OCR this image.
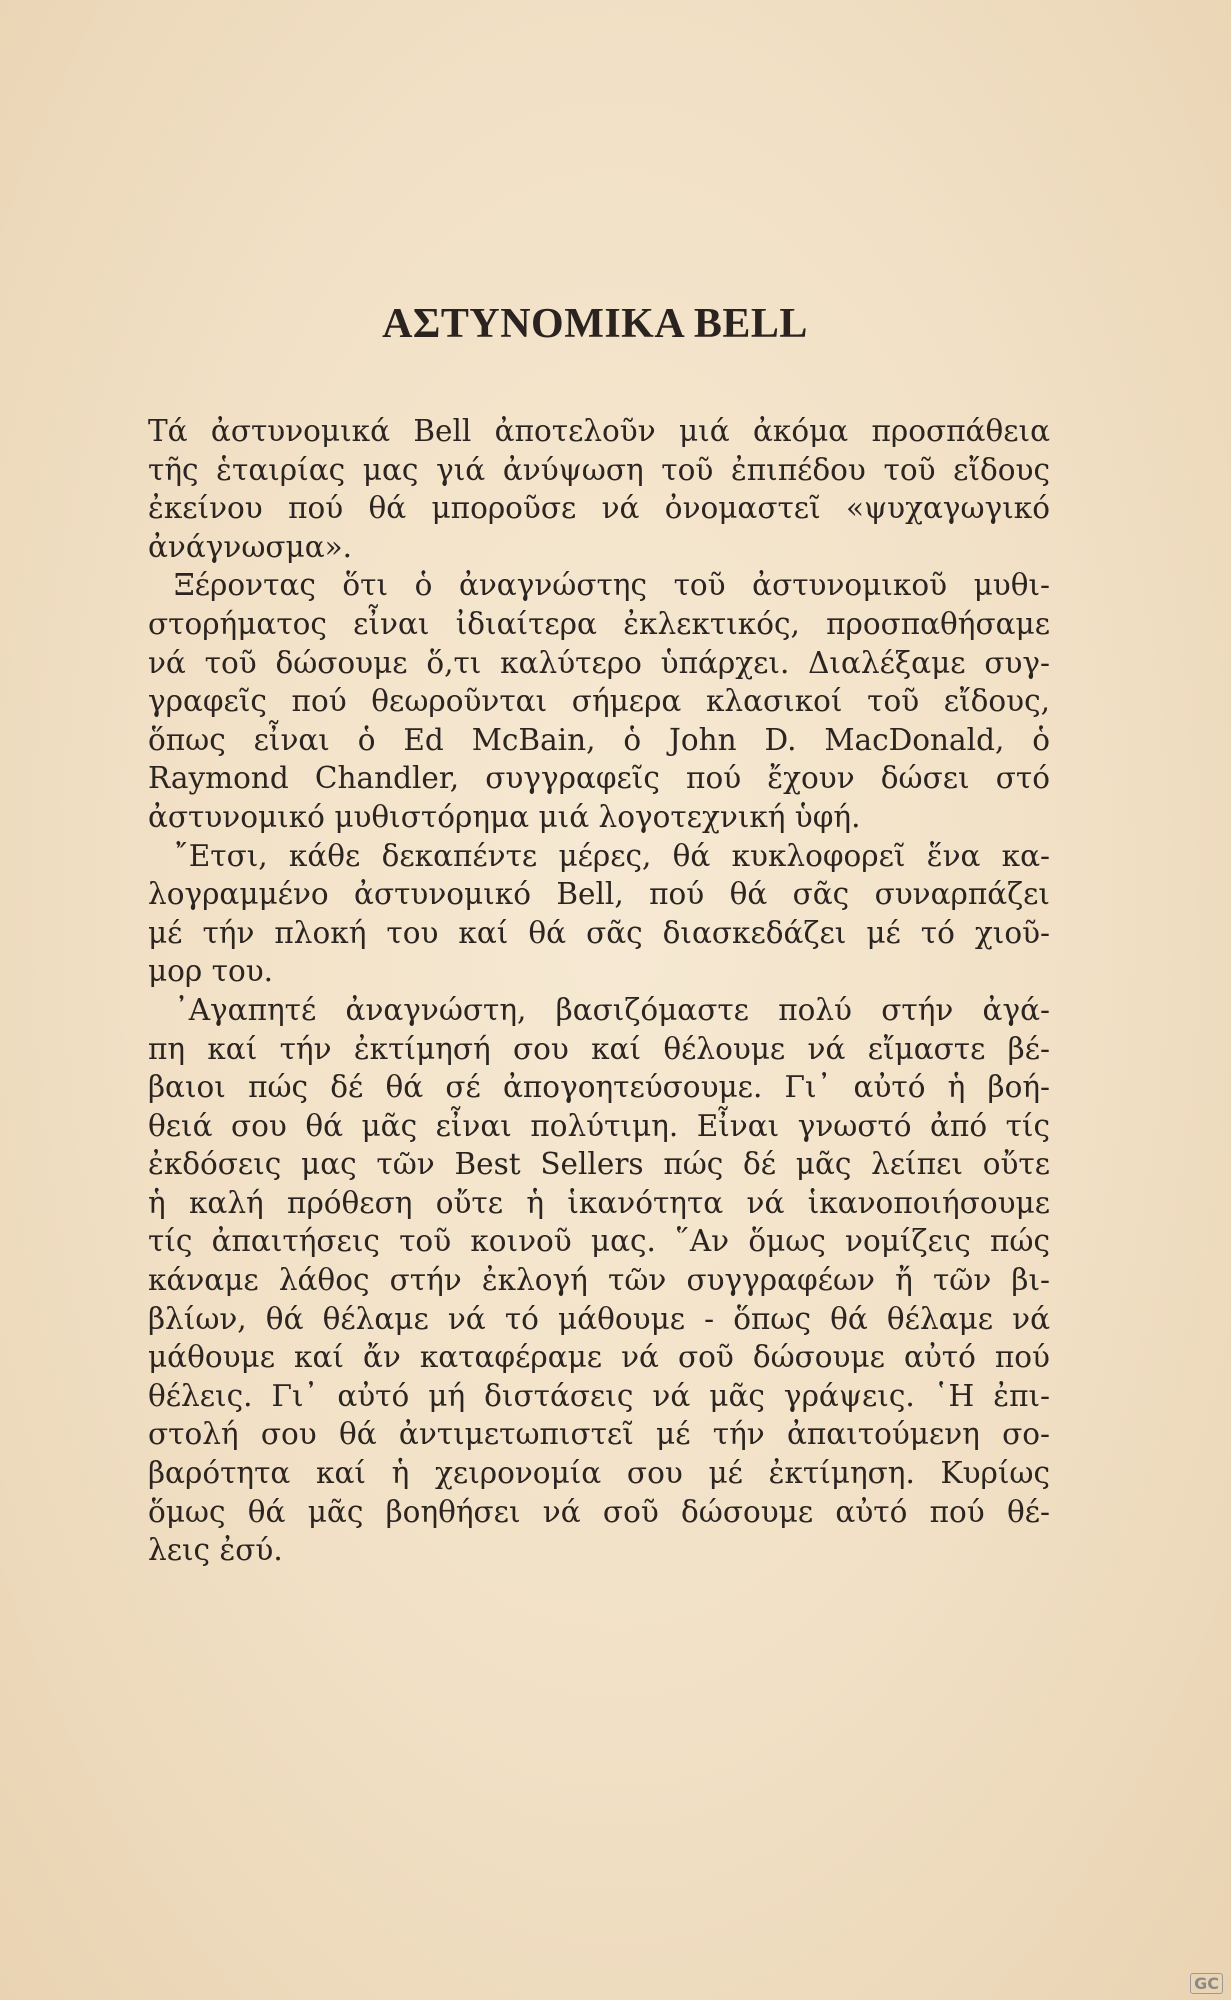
ΑΣΤΥΝΟΜΙΚΑ BELL
Τά ἀστυνομικά Bell ἀποτελοῦν μιά ἀκόμα προσπάθεια
τῆς ἑταιρίας μας γιά ἀνύψωση τοῦ ἐπιπέδου τοῦ εἴδους
ἐκείνου πού θά μποροῦσε νά ὀνομαστεῖ «ψυχαγωγικό
ἀνάγνωσμα».
Ξέροντας ὅτι ὁ ἀναγνώστης τοῦ ἀστυνομικοῦ μυθι-
στορήματος εἶναι ἰδιαίτερα ἐκλεκτικός, προσπαθήσαμε
νά τοῦ δώσουμε ὅ,τι καλύτερο ὑπάρχει. Διαλέξαμε συγ-
γραφεῖς πού θεωροῦνται σήμερα κλασικοί τοῦ εἴδους,
ὅπως εἶναι ὁ Ed McBain, ὁ John D. MacDonald, ὁ
Raymond Chandler, συγγραφεῖς πού ἔχουν δώσει στό
ἀστυνομικό μυθιστόρημα μιά λογοτεχνική ὑφή.
῎Ετσι, κάθε δεκαπέντε μέρες, θά κυκλοφορεῖ ἕνα κα-
λογραμμένο ἀστυνομικό Bell, πού θά σᾶς συναρπάζει
μέ τήν πλοκή του καί θά σᾶς διασκεδάζει μέ τό χιοῦ-
μορ του.
᾿Αγαπητέ ἀναγνώστη, βασιζόμαστε πολύ στήν ἀγά-
πη καί τήν ἐκτίμησή σου καί θέλουμε νά εἴμαστε βέ-
βαιοι πώς δέ θά σέ ἀπογοητεύσουμε. Γι᾿ αὐτό ἡ βοή-
θειά σου θά μᾶς εἶναι πολύτιμη. Εἶναι γνωστό ἀπό τίς
ἐκδόσεις μας τῶν Best Sellers πώς δέ μᾶς λείπει οὔτε
ἡ καλή πρόθεση οὔτε ἡ ἱκανότητα νά ἱκανοποιήσουμε
τίς ἀπαιτήσεις τοῦ κοινοῦ μας. ῞Αν ὅμως νομίζεις πώς
κάναμε λάθος στήν ἐκλογή τῶν συγγραφέων ἤ τῶν βι-
βλίων, θά θέλαμε νά τό μάθουμε - ὅπως θά θέλαμε νά
μάθουμε καί ἄν καταφέραμε νά σοῦ δώσουμε αὐτό πού
θέλεις. Γι᾿ αὐτό μή διστάσεις νά μᾶς γράψεις. ῾Η ἐπι-
στολή σου θά ἀντιμετωπιστεῖ μέ τήν ἀπαιτούμενη σο-
βαρότητα καί ἡ χειρονομία σου μέ ἐκτίμηση. Κυρίως
ὅμως θά μᾶς βοηθήσει νά σοῦ δώσουμε αὐτό πού θέ-
λεις ἐσύ.
GC
